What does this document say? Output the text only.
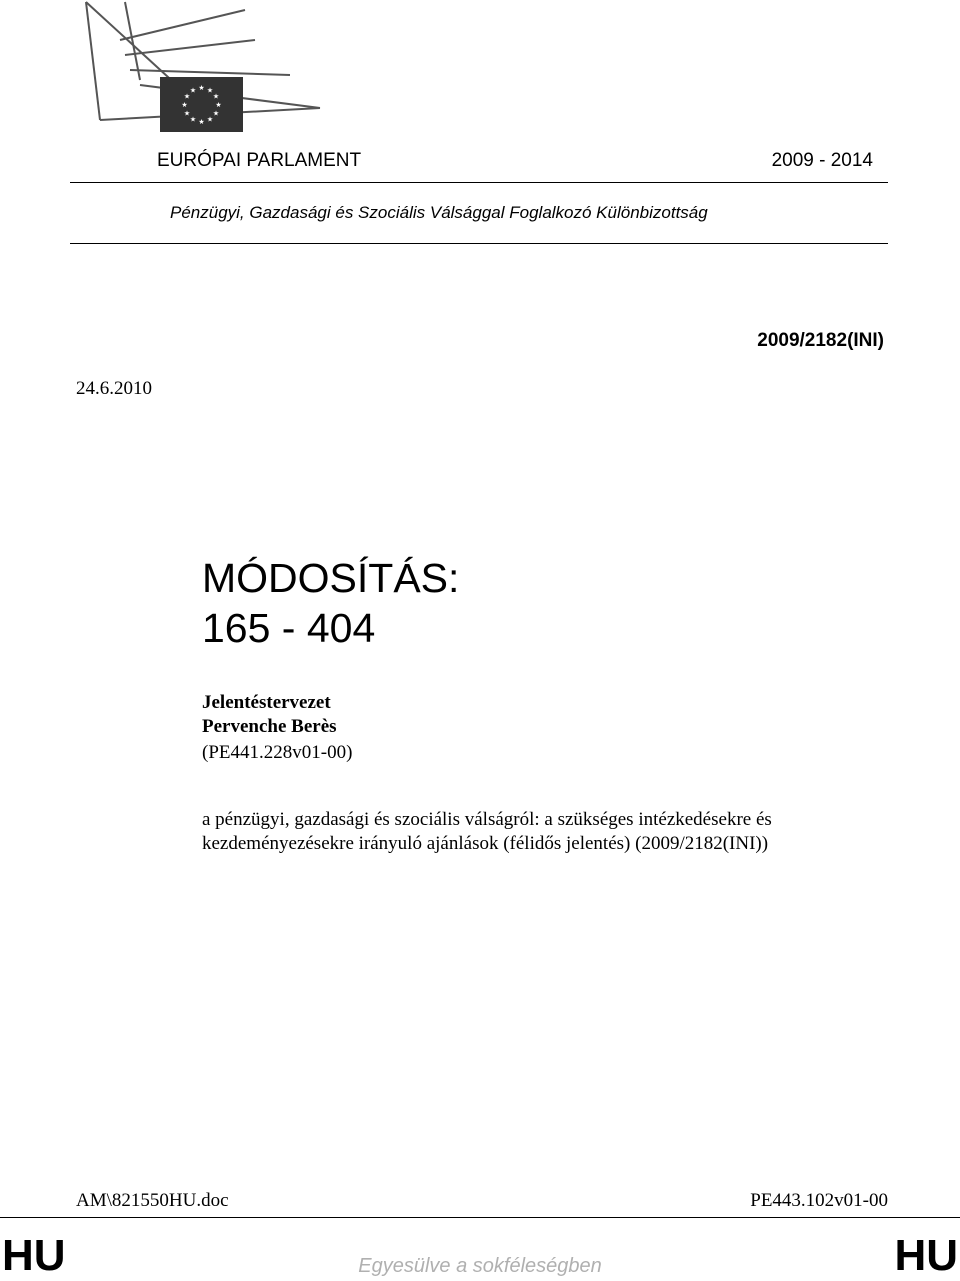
★ ★
★
★
★
★
★
★
★
★
★
★
EURÓPAI PARLAMENT	2009 - 2014
Pénzügyi, Gazdasági és Szociális Válsággal Foglalkozó Különbizottság
2009/2182(INI)
24.6.2010
MÓDOSÍTÁS:
165 - 404
Jelentéstervezet
Pervenche Berès
(PE441.228v01-00)
a pénzügyi, gazdasági és szociális válságról: a szükséges intézkedésekre és kezdeményezésekre irányuló ajánlások (félidős jelentés) (2009/2182(INI))
AM\821550HU.doc	PE443.102v01-00
HU	HU
Egyesülve a sokféleségben
